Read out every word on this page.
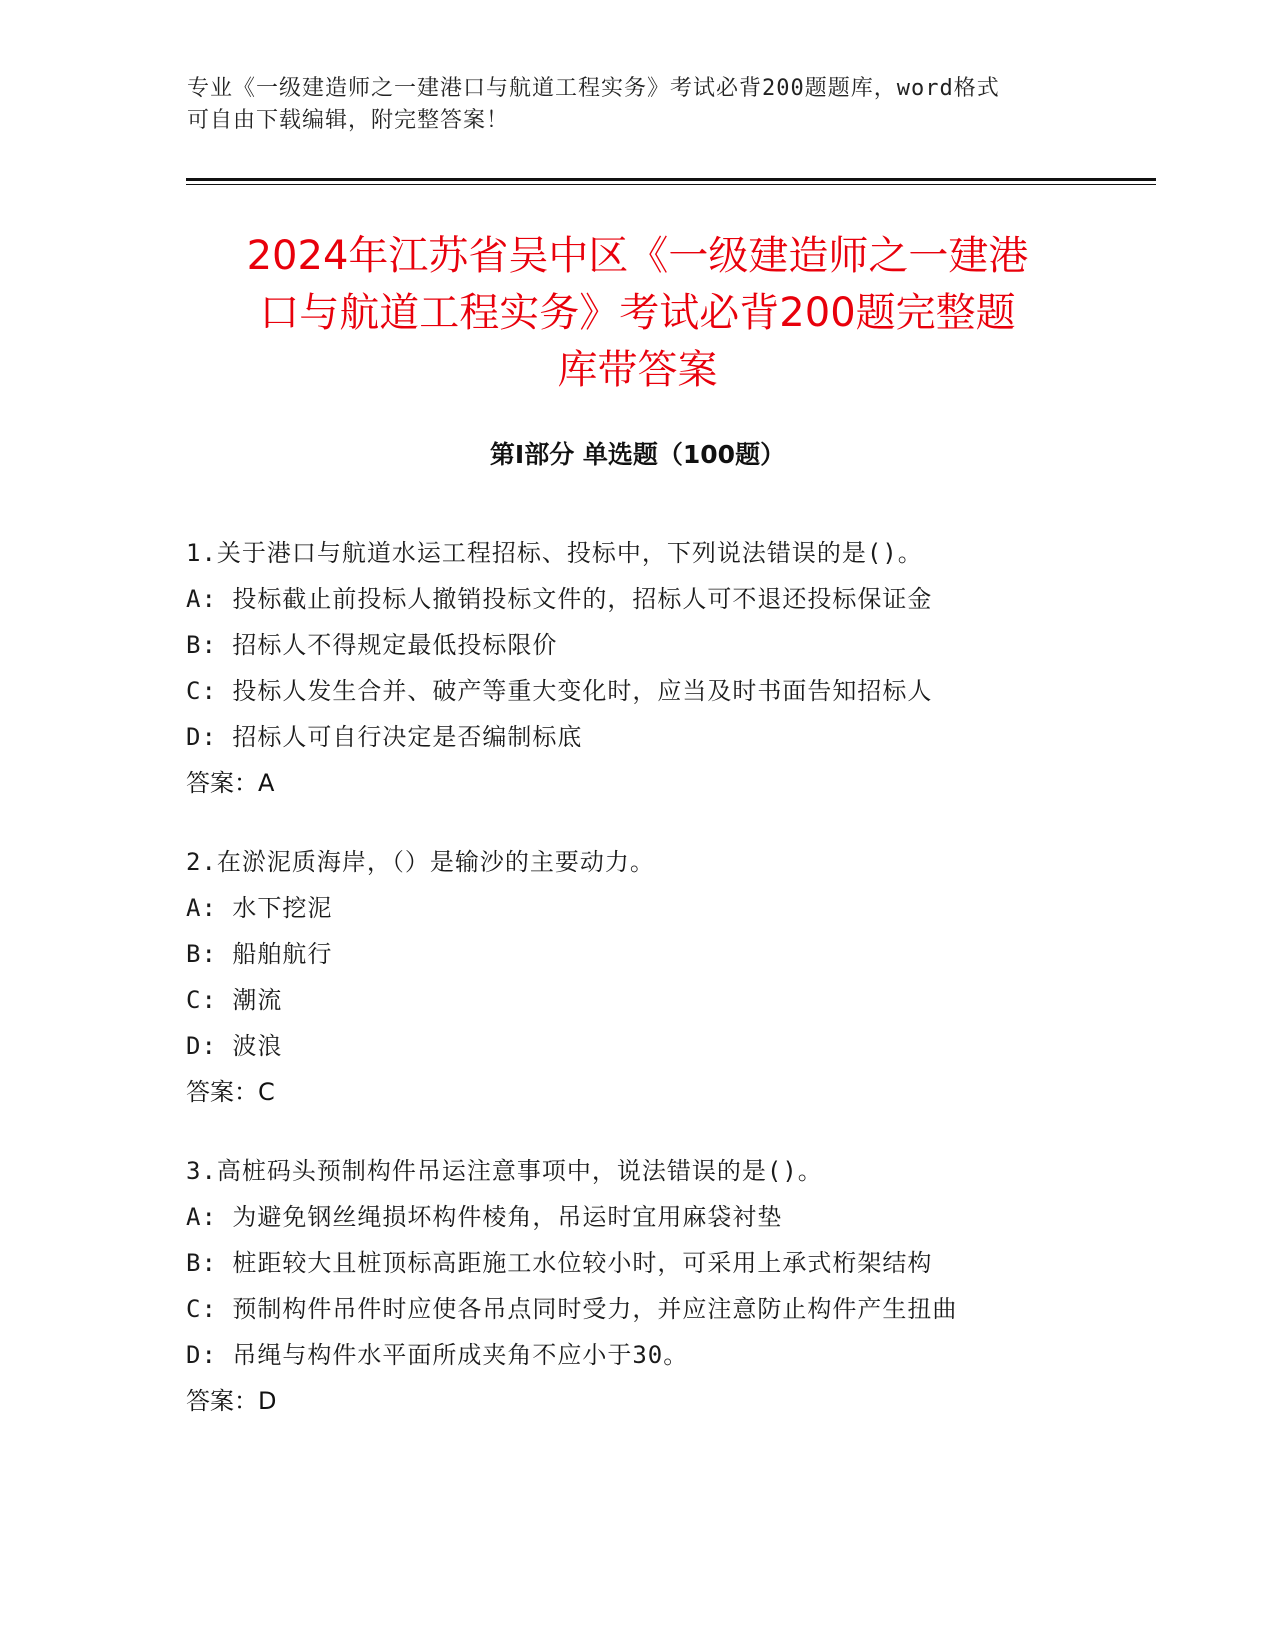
专业《一级建造师之一建港口与航道工程实务》考试必背200题题库，word格式
可自由下载编辑，附完整答案！
2024年江苏省吴中区《一级建造师之一建港
口与航道工程实务》考试必背200题完整题
库带答案
第Ⅰ部分 单选题（100题）
1.关于港口与航道水运工程招标、投标中，下列说法错误的是()。
A: 投标截止前投标人撤销投标文件的，招标人可不退还投标保证金
B: 招标人不得规定最低投标限价
C: 投标人发生合并、破产等重大变化时，应当及时书面告知招标人
D: 招标人可自行决定是否编制标底
答案：A
2.在淤泥质海岸，（）是输沙的主要动力。
A: 水下挖泥
B: 船舶航行
C: 潮流
D: 波浪
答案：C
3.高桩码头预制构件吊运注意事项中，说法错误的是()。
A: 为避免钢丝绳损坏构件棱角，吊运时宜用麻袋衬垫
B: 桩距较大且桩顶标高距施工水位较小时，可采用上承式桁架结构
C: 预制构件吊件时应使各吊点同时受力，并应注意防止构件产生扭曲
D: 吊绳与构件水平面所成夹角不应小于30。
答案：D
